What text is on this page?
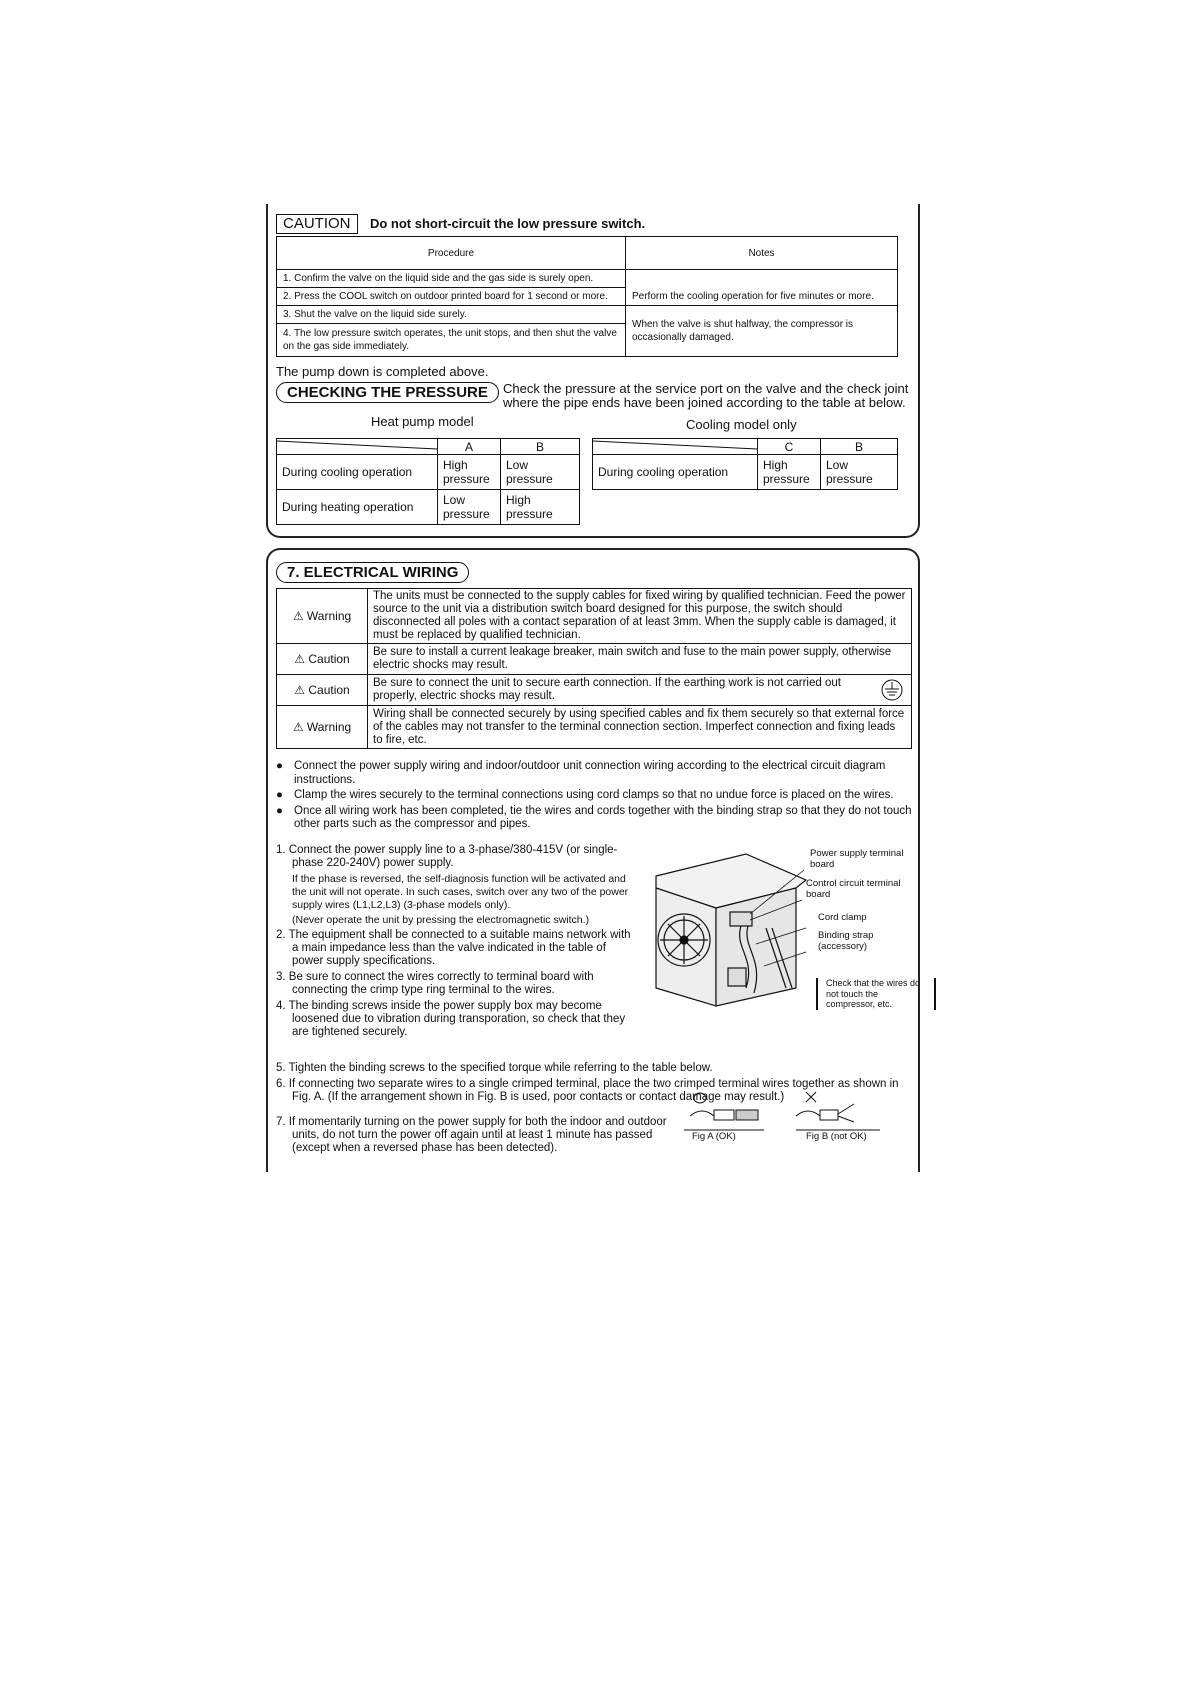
CAUTION Do not short-circuit the low pressure switch.
Procedure	Notes
1. Confirm the valve on the liquid side and the gas side is surely open.	Perform the cooling operation for five minutes or more.
2. Press the COOL switch on outdoor printed board for 1 second or more.	
3. Shut the valve on the liquid side surely.	When the valve is shut halfway, the compressor is occasionally damaged.
4. The low pressure switch operates, the unit stops, and then shut the valve on the gas side immediately.	
The pump down is completed above.
CHECKING THE PRESSURE	Check the pressure at the service port on the valve and the check joint where the pipe ends have been joined according to the table at below.
Heat pump model	Cooling model only
	A	B
During cooling operation	High pressure	Low pressure
During heating operation	Low pressure	High pressure
	C	B
During cooling operation	High pressure	Low pressure
7. ELECTRICAL WIRING
⚠ Warning	The units must be connected to the supply cables for fixed wiring by qualified technician. Feed the power source to the unit via a distribution switch board designed for this purpose, the switch should disconnected all poles with a contact separation of at least 3mm. When the supply cable is damaged, it must be replaced by qualified technician.
⚠ Caution	Be sure to install a current leakage breaker, main switch and fuse to the main power supply, otherwise electric shocks may result.
⚠ Caution	Be sure to connect the unit to secure earth connection. If the earthing work is not carried out properly, electric shocks may result.

⚠ Warning	Wiring shall be connected securely by using specified cables and fix them securely so that external force of the cables may not transfer to the terminal connection section. Imperfect connection and fixing leads to fire, etc.
● Connect the power supply wiring and indoor/outdoor unit connection wiring according to the electrical circuit diagram instructions.
● Clamp the wires securely to the terminal connections using cord clamps so that no undue force is placed on the wires.
● Once all wiring work has been completed, tie the wires and cords together with the binding strap so that they do not touch other parts such as the compressor and pipes.
1. Connect the power supply line to a 3-phase/380-415V (or single-phase 220-240V) power supply.
If the phase is reversed, the self-diagnosis function will be activated and the unit will not operate. In such cases, switch over any two of the power supply wires (L1,L2,L3) (3-phase models only).
(Never operate the unit by pressing the electromagnetic switch.)
2. The equipment shall be connected to a suitable mains network with a main impedance less than the valve indicated in the table of power supply specifications.
3. Be sure to connect the wires correctly to terminal board with connecting the crimp type ring terminal to the wires.
4. The binding screws inside the power supply box may become loosened due to vibration during transporation, so check that they are tightened securely.
Power supply terminal board
Control circuit terminal board
Cord clamp
Binding strap (accessory)
Check that the wires do not touch the compressor, etc.
5. Tighten the binding screws to the specified torque while referring to the table below.
6. If connecting two separate wires to a single crimped terminal, place the two crimped terminal wires together as shown in Fig. A. (If the arrangement shown in Fig. B is used, poor contacts or contact damage may result.)
7. If momentarily turning on the power supply for both the indoor and outdoor units, do not turn the power off again until at least 1 minute has passed (except when a reversed phase has been detected).
Fig A (OK)	Fig B (not OK)
